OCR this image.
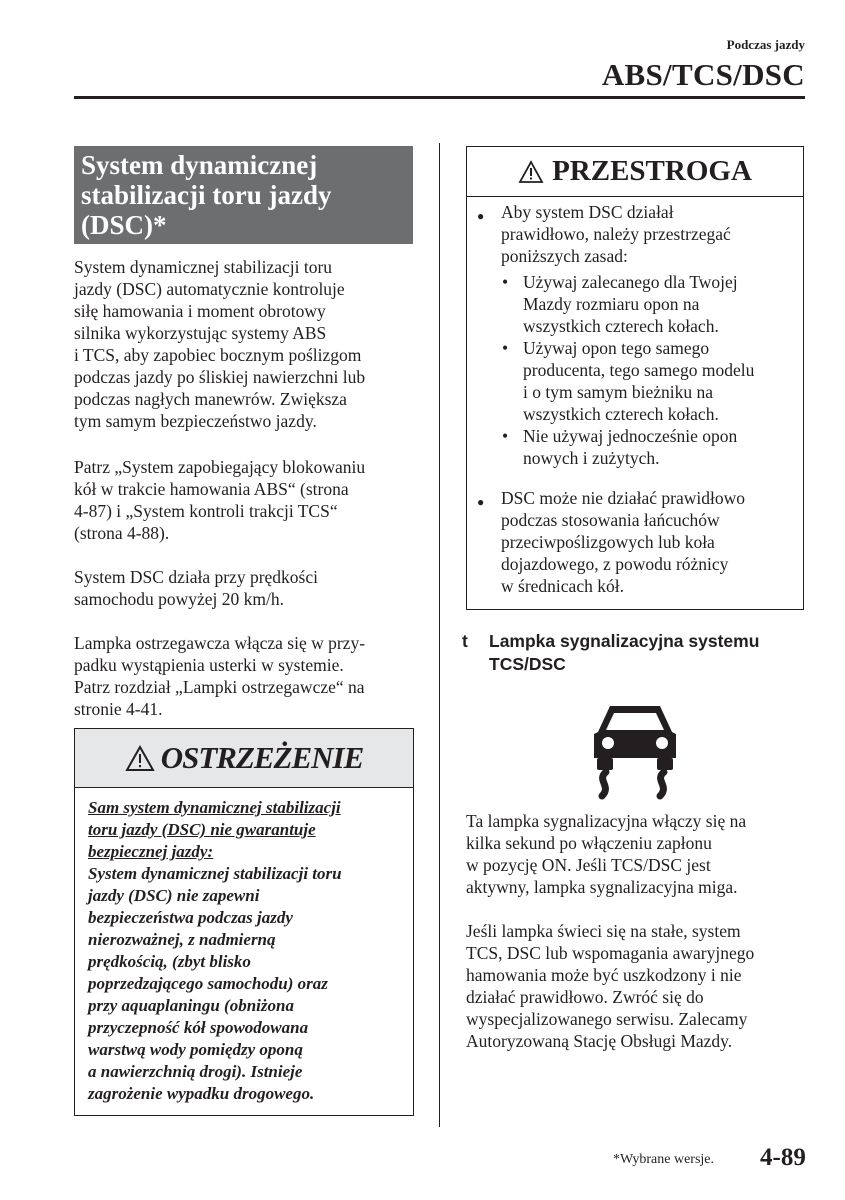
Podczas jazdy
ABS/TCS/DSC
System dynamicznej
stabilizacji toru jazdy
(DSC)*
System dynamicznej stabilizacji toru
jazdy (DSC) automatycznie kontroluje
siłę hamowania i moment obrotowy
silnika wykorzystując systemy ABS
i TCS, aby zapobiec bocznym poślizgom
podczas jazdy po śliskiej nawierzchni lub
podczas nagłych manewrów. Zwiększa
tym samym bezpieczeństwo jazdy.
Patrz „System zapobiegający blokowaniu
kół w trakcie hamowania ABS“ (strona
4-87) i „System kontroli trakcji TCS“
(strona 4-88).
System DSC działa przy prędkości
samochodu powyżej 20 km/h.
Lampka ostrzegawcza włącza się w przy-
padku wystąpienia usterki w systemie.
Patrz rozdział „Lampki ostrzegawcze“ na
stronie 4-41.
OSTRZEŻENIE
Sam system dynamicznej stabilizacji
toru jazdy (DSC) nie gwarantuje
bezpiecznej jazdy:
System dynamicznej stabilizacji toru
jazdy (DSC) nie zapewni
bezpieczeństwa podczas jazdy
nierozważnej, z nadmierną
prędkością, (zbyt blisko
poprzedzającego samochodu) oraz
przy aquaplaningu (obniżona
przyczepność kół spowodowana
warstwą wody pomiędzy oponą
a nawierzchnią drogi). Istnieje
zagrożenie wypadku drogowego.
PRZESTROGA
● Aby system DSC działał
prawidłowo, należy przestrzegać
poniższych zasad:
• Używaj zalecanego dla Twojej
Mazdy rozmiaru opon na
wszystkich czterech kołach.
• Używaj opon tego samego
producenta, tego samego modelu
i o tym samym bieżniku na
wszystkich czterech kołach.
• Nie używaj jednocześnie opon
nowych i zużytych.
● DSC może nie działać prawidłowo
podczas stosowania łańcuchów
przeciwpoślizgowych lub koła
dojazdowego, z powodu różnicy
w średnicach kół.
t Lampka sygnalizacyjna systemu
TCS/DSC
Ta lampka sygnalizacyjna włączy się na
kilka sekund po włączeniu zapłonu
w pozycję ON. Jeśli TCS/DSC jest
aktywny, lampka sygnalizacyjna miga.
Jeśli lampka świeci się na stałe, system
TCS, DSC lub wspomagania awaryjnego
hamowania może być uszkodzony i nie
działać prawidłowo. Zwróć się do
wyspecjalizowanego serwisu. Zalecamy
Autoryzowaną Stację Obsługi Mazdy.
*Wybrane wersje. 4-89
